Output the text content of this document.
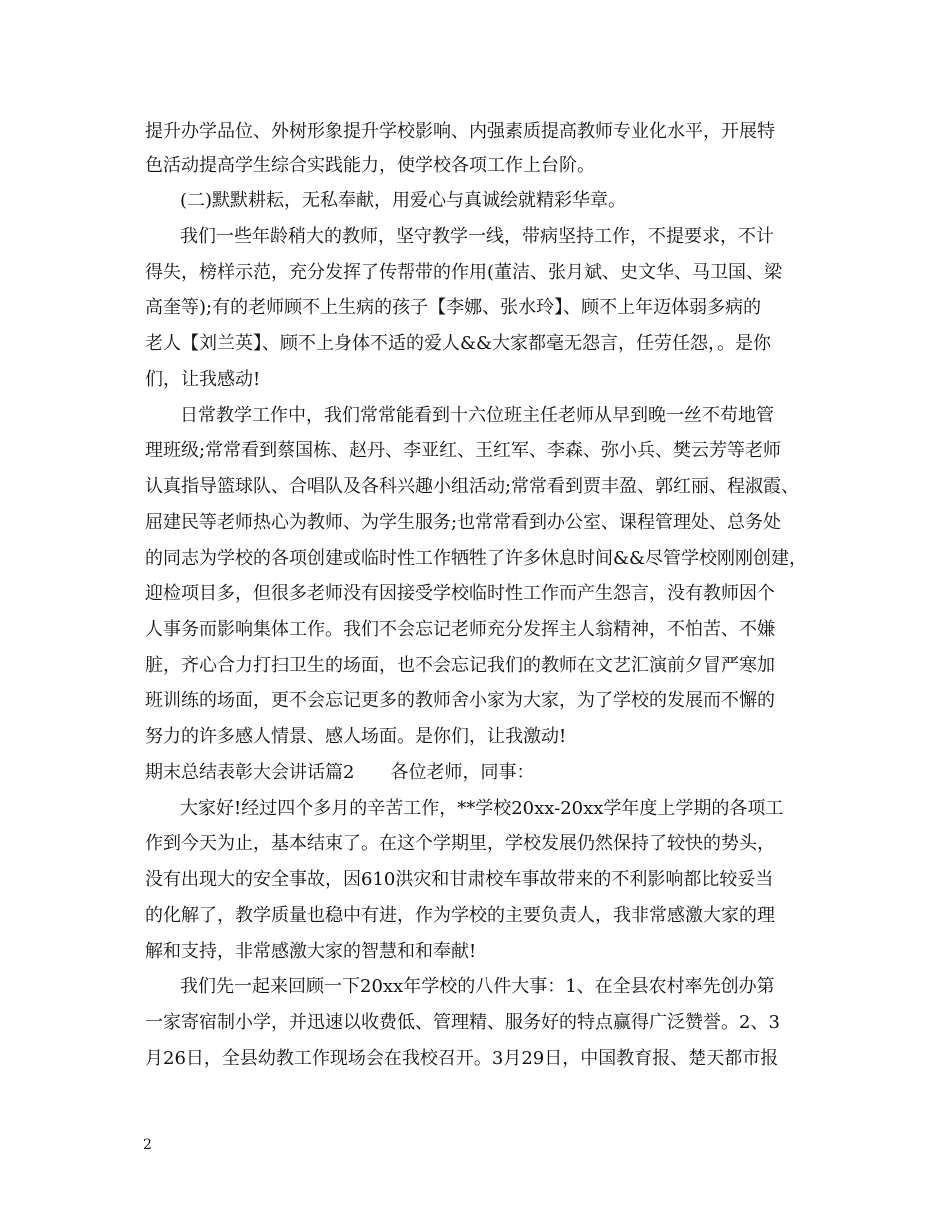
提升办学品位、外树形象提升学校影响、内强素质提高教师专业化水平，开展特
色活动提高学生综合实践能力，使学校各项工作上台阶。
(二)默默耕耘，无私奉献，用爱心与真诚绘就精彩华章。
我们一些年龄稍大的教师，坚守教学一线，带病坚持工作，不提要求，不计
得失，榜样示范，充分发挥了传帮带的作用(董洁、张月斌、史文华、马卫国、梁
高奎等);有的老师顾不上生病的孩子【李娜、张水玲】、顾不上年迈体弱多病的
老人【刘兰英】、顾不上身体不适的爱人&&大家都毫无怨言，任劳任怨，。是你
们，让我感动!
日常教学工作中，我们常常能看到十六位班主任老师从早到晚一丝不苟地管
理班级;常常看到蔡国栋、赵丹、李亚红、王红军、李森、弥小兵、樊云芳等老师
认真指导篮球队、合唱队及各科兴趣小组活动;常常看到贾丰盈、郭红丽、程淑霞、
屈建民等老师热心为教师、为学生服务;也常常看到办公室、课程管理处、总务处
的同志为学校的各项创建或临时性工作牺牲了许多休息时间&&尽管学校刚刚创建，
迎检项目多，但很多老师没有因接受学校临时性工作而产生怨言，没有教师因个
人事务而影响集体工作。我们不会忘记老师充分发挥主人翁精神，不怕苦、不嫌
脏，齐心合力打扫卫生的场面，也不会忘记我们的教师在文艺汇演前夕冒严寒加
班训练的场面，更不会忘记更多的教师舍小家为大家，为了学校的发展而不懈的
努力的许多感人情景、感人场面。是你们，让我激动!
期末总结表彰大会讲话篇2　　各位老师，同事：
大家好!经过四个多月的辛苦工作，**学校20xx-20xx学年度上学期的各项工
作到今天为止，基本结束了。在这个学期里，学校发展仍然保持了较快的势头，
没有出现大的安全事故，因610洪灾和甘肃校车事故带来的不利影响都比较妥当
的化解了，教学质量也稳中有进，作为学校的主要负责人，我非常感激大家的理
解和支持，非常感激大家的智慧和和奉献!
我们先一起来回顾一下20xx年学校的八件大事：1、在全县农村率先创办第
一家寄宿制小学，并迅速以收费低、管理精、服务好的特点赢得广泛赞誉。2、3
月26日，全县幼教工作现场会在我校召开。3月29日，中国教育报、楚天都市报
2
